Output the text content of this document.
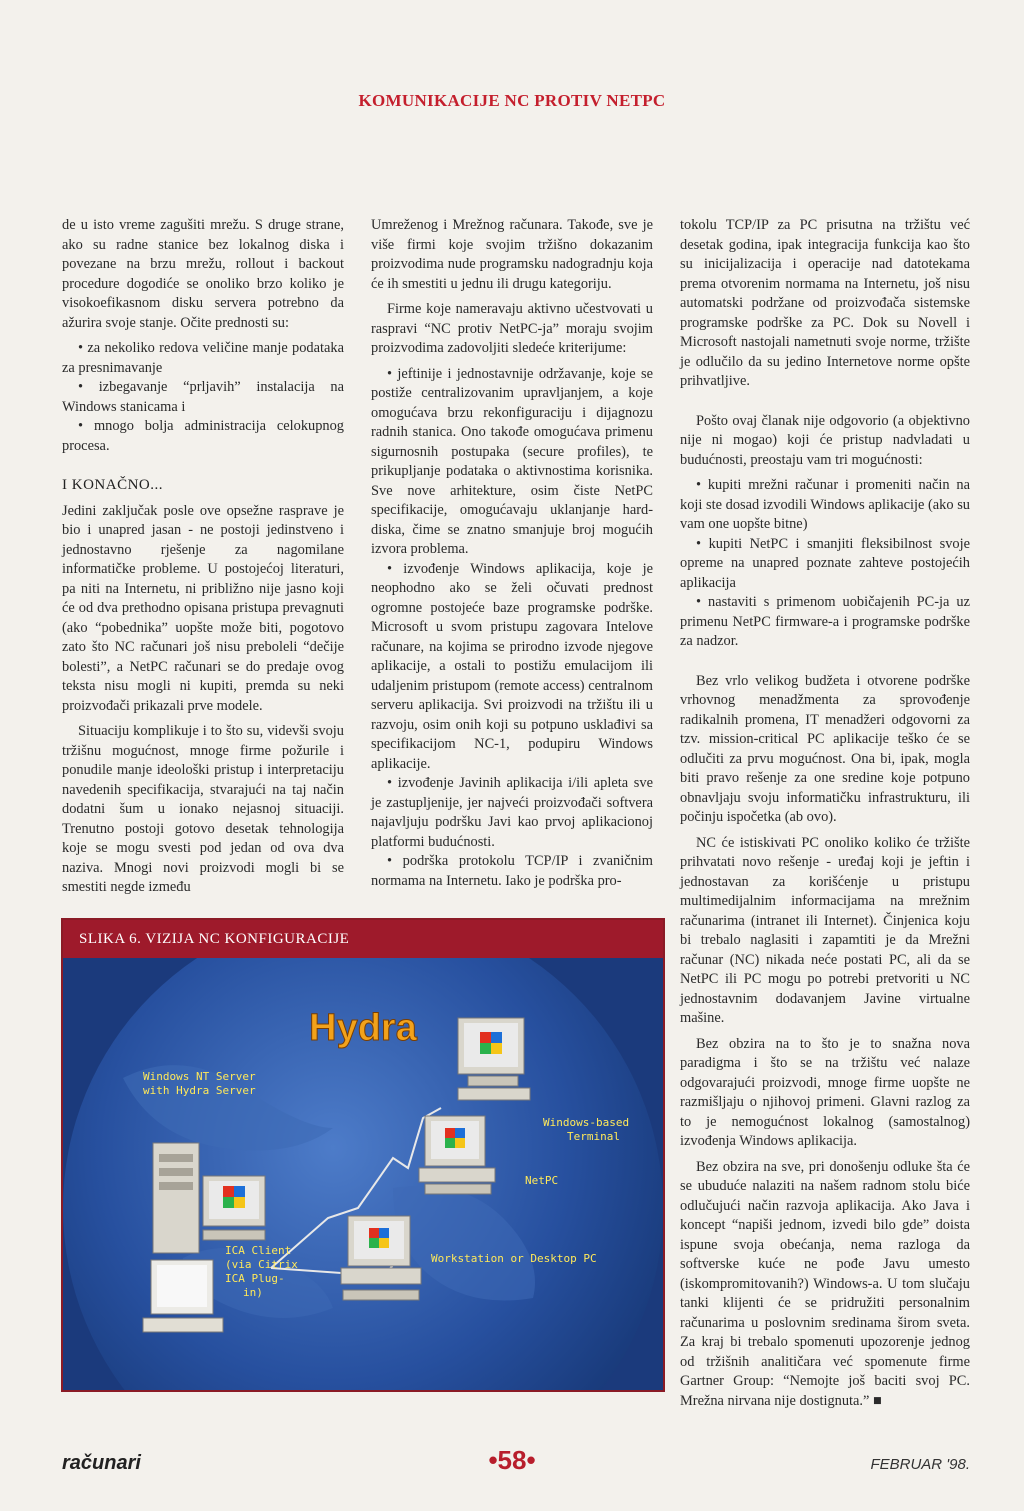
KOMUNIKACIJE NC PROTIV NETPC

de u isto vreme zagušiti mrežu. S druge strane, ako su radne stanice bez lokalnog diska i povezane na brzu mrežu, rollout i backout procedure dogodiće se onoliko brzo koliko je visokoefikasnom disku servera potrebno da ažurira svoje stanje. Očite prednosti su:

• za nekoliko redova veličine manje podataka za presnimavanje
• izbegavanje “prljavih” instalacija na Windows stanicama i
• mnogo bolja administracija celokupnog procesa.
I KONAČNO...

Jedini zaključak posle ove opsežne rasprave je bio i unapred jasan - ne postoji jedinstveno i jednostavno rješenje za nagomilane informatičke probleme. U postojećoj literaturi, pa niti na Internetu, ni približno nije jasno koji će od dva prethodno opisana pristupa prevagnuti (ako “pobednika” uopšte može biti, pogotovo zato što NC računari još nisu preboleli “dečije bolesti”, a NetPC računari se do predaje ovog teksta nisu mogli ni kupiti, premda su neki proizvođači prikazali prve modele.

Situaciju komplikuje i to što su, videvši svoju tržišnu mogućnost, mnoge firme požurile i ponudile manje ideološki pristup i interpretaciju navedenih specifikacija, stvarajući na taj način dodatni šum u ionako nejasnoj situaciji. Trenutno postoji gotovo desetak tehnologija koje se mogu svesti pod jedan od ova dva naziva. Mnogi novi proizvodi mogli bi se smestiti negde između

Umreženog i Mrežnog računara. Takođe, sve je više firmi koje svojim tržišno dokazanim proizvodima nude programsku nadogradnju koja će ih smestiti u jednu ili drugu kategoriju.

Firme koje nameravaju aktivno učestvovati u raspravi “NC protiv NetPC-ja” moraju svojim proizvodima zadovoljiti sledeće kriterijume:

• jeftinije i jednostavnije održavanje, koje se postiže centralizovanim upravljanjem, a koje omogućava brzu rekonfiguraciju i dijagnozu radnih stanica. Ono takođe omogućava primenu sigurnosnih postupaka (secure profiles), te prikupljanje podataka o aktivnostima korisnika. Sve nove arhitekture, osim čiste NetPC specifikacije, omogućavaju uklanjanje hard-diska, čime se znatno smanjuje broj mogućih izvora problema.
• izvođenje Windows aplikacija, koje je neophodno ako se želi očuvati prednost ogromne postojeće baze programske podrške. Microsoft u svom pristupu zagovara Intelove računare, na kojima se prirodno izvode njegove aplikacije, a ostali to postižu emulacijom ili udaljenim pristupom (remote access) centralnom serveru aplikacija. Svi proizvodi na tržištu ili u razvoju, osim onih koji su potpuno usklađivi sa specifikacijom NC-1, podupiru Windows aplikacije.
• izvođenje Javinih aplikacija i/ili apleta sve je zastupljenije, jer najveći proizvođači softvera najavljuju podršku Javi kao prvoj aplikacionoj platformi budućnosti.
• podrška protokolu TCP/IP i zvaničnim normama na Internetu. Iako je podrška pro-

tokolu TCP/IP za PC prisutna na tržištu već desetak godina, ipak integracija funkcija kao što su inicijalizacija i operacije nad datotekama prema otvorenim normama na Internetu, još nisu automatski podržane od proizvođača sistemske programske podrške za PC. Dok su Novell i Microsoft nastojali nametnuti svoje norme, tržište je odlučilo da su jedino Internetove norme opšte prihvatljive.

Pošto ovaj članak nije odgovorio (a objektivno nije ni mogao) koji će pristup nadvladati u budućnosti, preostaju vam tri mogućnosti:

• kupiti mrežni računar i promeniti način na koji ste dosad izvodili Windows aplikacije (ako su vam one uopšte bitne)
• kupiti NetPC i smanjiti fleksibilnost svoje opreme na unapred poznate zahteve postojećih aplikacija
• nastaviti s primenom uobičajenih PC-ja uz primenu NetPC firmware-a i programske podrške za nadzor.

Bez vrlo velikog budžeta i otvorene podrške vrhovnog menadžmenta za sprovođenje radikalnih promena, IT menadžeri odgovorni za tzv. mission-critical PC aplikacije teško će se odlučiti za prvu mogućnost. Ona bi, ipak, mogla biti pravo rešenje za one sredine koje potpuno obnavljaju svoju informatičku infrastrukturu, ili počinju ispočetka (ab ovo).

NC će istiskivati PC onoliko koliko će tržište prihvatati novo rešenje - uređaj koji je jeftin i jednostavan za korišćenje u pristupu multimedijalnim informacijama na mrežnim računarima (intranet ili Internet). Činjenica koju bi trebalo naglasiti i zapamtiti je da Mrežni računar (NC) nikada neće postati PC, ali da se NetPC ili PC mogu po potrebi pretvoriti u NC jednostavnim dodavanjem Javine virtualne mašine.

Bez obzira na to što je to snažna nova paradigma i što se na tržištu već nalaze odgovarajući proizvodi, mnoge firme uopšte ne razmišljaju o njihovoj primeni. Glavni razlog za to je nemogućnost lokalnog (samostalnog) izvođenja Windows aplikacija.

Bez obzira na sve, pri donošenju odluke šta će se ubuduće nalaziti na našem radnom stolu biće odlučujući način razvoja aplikacija. Ako Java i koncept “napiši jednom, izvedi bilo gde” doista ispune svoja obećanja, nema razloga da softverske kuće ne pođe Javu umesto (iskompromitovanih?) Windows-a. U tom slučaju tanki klijenti će se pridružiti personalnim računarima u poslovnim sredinama širom sveta. Za kraj bi trebalo spomenuti upozorenje jednog od tržišnih analitičara već spomenute firme Gartner Group: “Nemojte još baciti svoj PC. Mrežna nirvana nije dostignuta.” ■

SLIKA 6. VIZIJA NC KONFIGURACIJE
Hydra
Windows NT Server
with Hydra Server
Windows-based
Terminal
NetPC
Workstation or Desktop PC
ICA Client
(via Citrix
ICA Plug-
in)
računari	•58•	FEBRUAR '98.
